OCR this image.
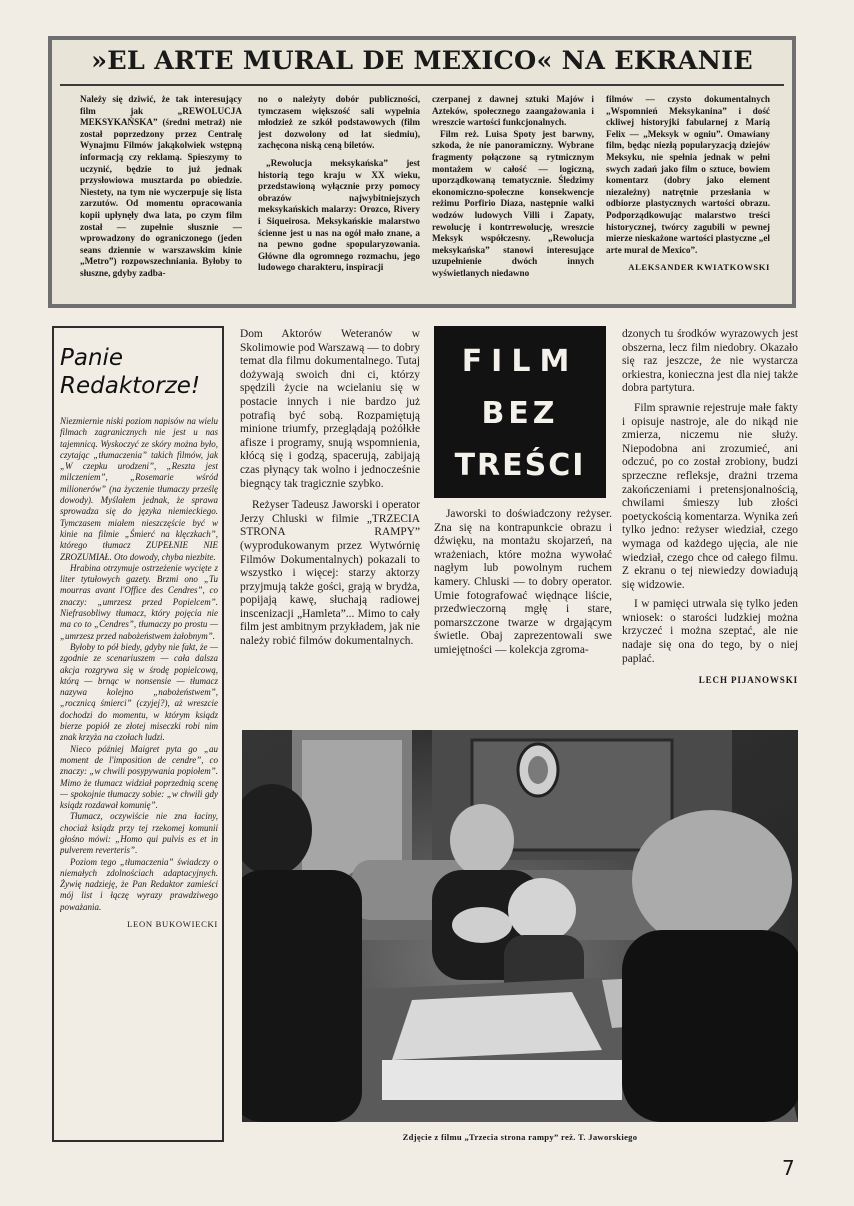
»EL ARTE MURAL DE MEXICO« NA EKRANIE

Należy się dziwić, że tak interesujący film jak „REWOLUCJA MEKSYKAŃSKA” (średni metraż) nie został poprzedzony przez Centralę Wynajmu Filmów jakąkolwiek wstępną informacją czy reklamą. Spieszymy to uczynić, będzie to już jednak przysłowiowa musztarda po obiedzie. Niestety, na tym nie wyczerpuje się lista zarzutów. Od momentu opracowania kopii upłynęły dwa lata, po czym film został — zupełnie słusznie — wprowadzony do ograniczonego (jeden seans dziennie w warszawskim kinie „Metro”) rozpowszechniania. Byłoby to słuszne, gdyby zadba-

no o należyty dobór publiczności, tymczasem większość sali wypełnia młodzież ze szkół podstawowych (film jest dozwolony od lat siedmiu), zachęcona niską ceną biletów.

„Rewolucja meksykańska” jest historią tego kraju w XX wieku, przedstawioną wyłącznie przy pomocy obrazów najwybitniejszych meksykańskich malarzy: Orozco, Rivery i Siqueirosa. Meksykańskie malarstwo ścienne jest u nas na ogół mało znane, a na pewno godne spopularyzowania. Główne dla ogromnego rozmachu, jego ludowego charakteru, inspiracji

czerpanej z dawnej sztuki Majów i Azteków, społecznego zaangażowania i wreszcie wartości funkcjonalnych.

Film reż. Luisa Spoty jest barwny, szkoda, że nie panoramiczny. Wybrane fragmenty połączone są rytmicznym montażem w całość — logiczną, uporządkowaną tematycznie. Śledzimy ekonomiczno-społeczne konsekwencje reżimu Porfirio Diaza, następnie walki wodzów ludowych Villi i Zapaty, rewolucję i kontrrewolucję, wreszcie Meksyk współczesny. „Rewolucja meksykańska” stanowi interesujące uzupełnienie dwóch innych wyświetlanych niedawno

filmów — czysto dokumentalnych „Wspomnień Meksykanina” i dość ckliwej historyjki fabularnej z Marią Felix — „Meksyk w ogniu”. Omawiany film, będąc niezłą popularyzacją dziejów Meksyku, nie spełnia jednak w pełni swych zadań jako film o sztuce, bowiem komentarz (dobry jako element niezależny) natrętnie przesłania w odbiorze plastycznych wartości obrazu. Podporządkowując malarstwo treści historycznej, twórcy zagubili w pewnej mierze nieskażone wartości plastyczne „el arte mural de Mexico”.

ALEKSANDER KWIATKOWSKI

Panie
Redaktorze!

Niezmiernie niski poziom napisów na wielu filmach zagranicznych nie jest u nas tajemnicą. Wyskoczyć ze skóry można było, czytając „tłumaczenia” takich filmów, jak „W czepku urodzeni”, „Reszta jest milczeniem”, „Rosemarie wśród milionerów” (na życzenie tłumaczy prześlę dowody). Myślałem jednak, że sprawa sprowadza się do języka niemieckiego. Tymczasem miałem nieszczęście być w kinie na filmie „Śmierć na klęczkach”, którego tłumacz ZUPEŁNIE NIE ZROZUMIAŁ. Oto dowody, chyba niezbite.

Hrabina otrzymuje ostrzeżenie wycięte z liter tytułowych gazety. Brzmi ono „Tu mourras avant l'Office des Cendres”, co znaczy: „umrzesz przed Popielcem”. Niefrasobliwy tłumacz, który pojęcia nie ma co to „Cendres”, tłumaczy po prostu — „umrzesz przed nabożeństwem żałobnym”.

Byłoby to pół biedy, gdyby nie fakt, że — zgodnie ze scenariuszem — cała dalsza akcja rozgrywa się w środę popielcową, którą — brnąc w nonsensie — tłumacz nazywa kolejno „nabożeństwem”, „rocznicą śmierci” (czyjej?), aż wreszcie dochodzi do momentu, w którym ksiądz bierze popiół ze złotej miseczki robi nim znak krzyża na czołach ludzi.

Nieco później Maigret pyta go „au moment de l'imposition de cendre”, co znaczy: „w chwili posypywania popiołem”. Mimo że tłumacz widział poprzednią scenę — spokojnie tłumaczy sobie: „w chwili gdy ksiądz rozdawał komunię”.

Tłumacz, oczywiście nie zna łaciny, chociaż ksiądz przy tej rzekomej komunii głośno mówi: „Homo qui pulvis es et in pulverem reverteris”.

Poziom tego „tłumaczenia” świadczy o niemałych zdolnościach adaptacyjnych. Żywię nadzieję, że Pan Redaktor zamieści mój list i łączę wyrazy prawdziwego poważania.

LEON BUKOWIECKI

Dom Aktorów Weteranów w Skolimowie pod Warszawą — to dobry temat dla filmu dokumentalnego. Tutaj dożywają swoich dni ci, którzy spędzili życie na wcielaniu się w postacie innych i nie bardzo już potrafią być sobą. Rozpamiętują minione triumfy, przeglądają pożółkłe afisze i programy, snują wspomnienia, kłócą się i godzą, spacerują, zabijają czas płynący tak wolno i jednocześnie biegnący tak tragicznie szybko.

Reżyser Tadeusz Jaworski i operator Jerzy Chluski w filmie „TRZECIA STRONA RAMPY” (wyprodukowanym przez Wytwórnię Filmów Dokumentalnych) pokazali to wszystko i więcej: starzy aktorzy przyjmują także gości, grają w brydża, popijają kawę, słuchają radiowej inscenizacji „Hamleta”... Mimo to cały film jest ambitnym przykładem, jak nie należy robić filmów dokumentalnych.

FILM
BEZ
TREŚCI

Jaworski to doświadczony reżyser. Zna się na kontrapunkcie obrazu i dźwięku, na montażu skojarzeń, na wrażeniach, które można wywołać nagłym lub powolnym ruchem kamery. Chluski — to dobry operator. Umie fotografować więdnące liście, przedwieczorną mgłę i stare, pomarszczone twarze w drgającym świetle. Obaj zaprezentowali swe umiejętności — kolekcja zgroma-

dzonych tu środków wyrazowych jest obszerna, lecz film niedobry. Okazało się raz jeszcze, że nie wystarcza orkiestra, konieczna jest dla niej także dobra partytura.

Film sprawnie rejestruje małe fakty i opisuje nastroje, ale do nikąd nie zmierza, niczemu nie służy. Niepodobna ani zrozumieć, ani odczuć, po co został zrobiony, budzi sprzeczne refleksje, drażni trzema zakończeniami i pretensjonalnością, chwilami śmieszy lub złości poetyckością komentarza. Wynika zeń tylko jedno: reżyser wiedział, czego wymaga od każdego ujęcia, ale nie wiedział, czego chce od całego filmu. Z ekranu o tej niewiedzy dowiadują się widzowie.

I w pamięci utrwala się tylko jeden wniosek: o starości ludzkiej można krzyczeć i można szeptać, ale nie nadaje się ona do tego, by o niej paplać.

LECH PIJANOWSKI

Zdjęcie z filmu „Trzecia strona rampy” reż. T. Jaworskiego
7
